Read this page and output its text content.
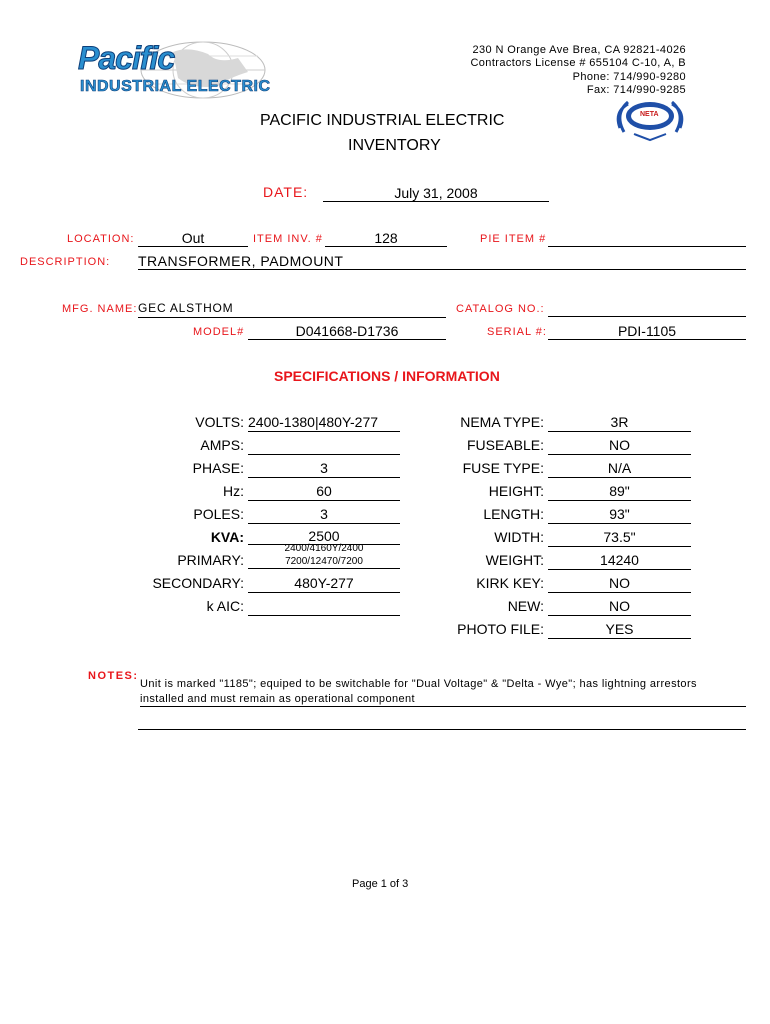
Pacific
INDUSTRIAL ELECTRIC
230 N Orange Ave Brea, CA 92821-4026
Contractors License # 655104 C-10, A, B
Phone: 714/990-9280
Fax: 714/990-9285
PACIFIC INDUSTRIAL ELECTRIC
INVENTORY
NETA
DATE:	July 31, 2008
LOCATION:	Out	ITEM INV. #	128	PIE ITEM #
DESCRIPTION: TRANSFORMER, PADMOUNT
MFG. NAME: GEC ALSTHOM	CATALOG NO.:
MODEL#	D041668-D1736	SERIAL #:	PDI-1105
SPECIFICATIONS / INFORMATION
VOLTS: 2400-1380|480Y-277
AMPS:
PHASE:	3
Hz:	60
POLES:	3
KVA:	2500
PRIMARY:
2400/4160Y/2400
7200/12470/7200
SECONDARY:	480Y-277
k AIC:
NEMA TYPE:	3R
FUSEABLE:	NO
FUSE TYPE:	N/A
HEIGHT:	89"
LENGTH:	93"
WIDTH:	73.5"
WEIGHT:	14240
KIRK KEY:	NO
NEW:	NO
PHOTO FILE:	YES
NOTES:
Unit is marked "1185"; equiped to be switchable for "Dual Voltage" & "Delta - Wye"; has lightning arrestors
installed and must remain as operational component
Page 1 of 3
